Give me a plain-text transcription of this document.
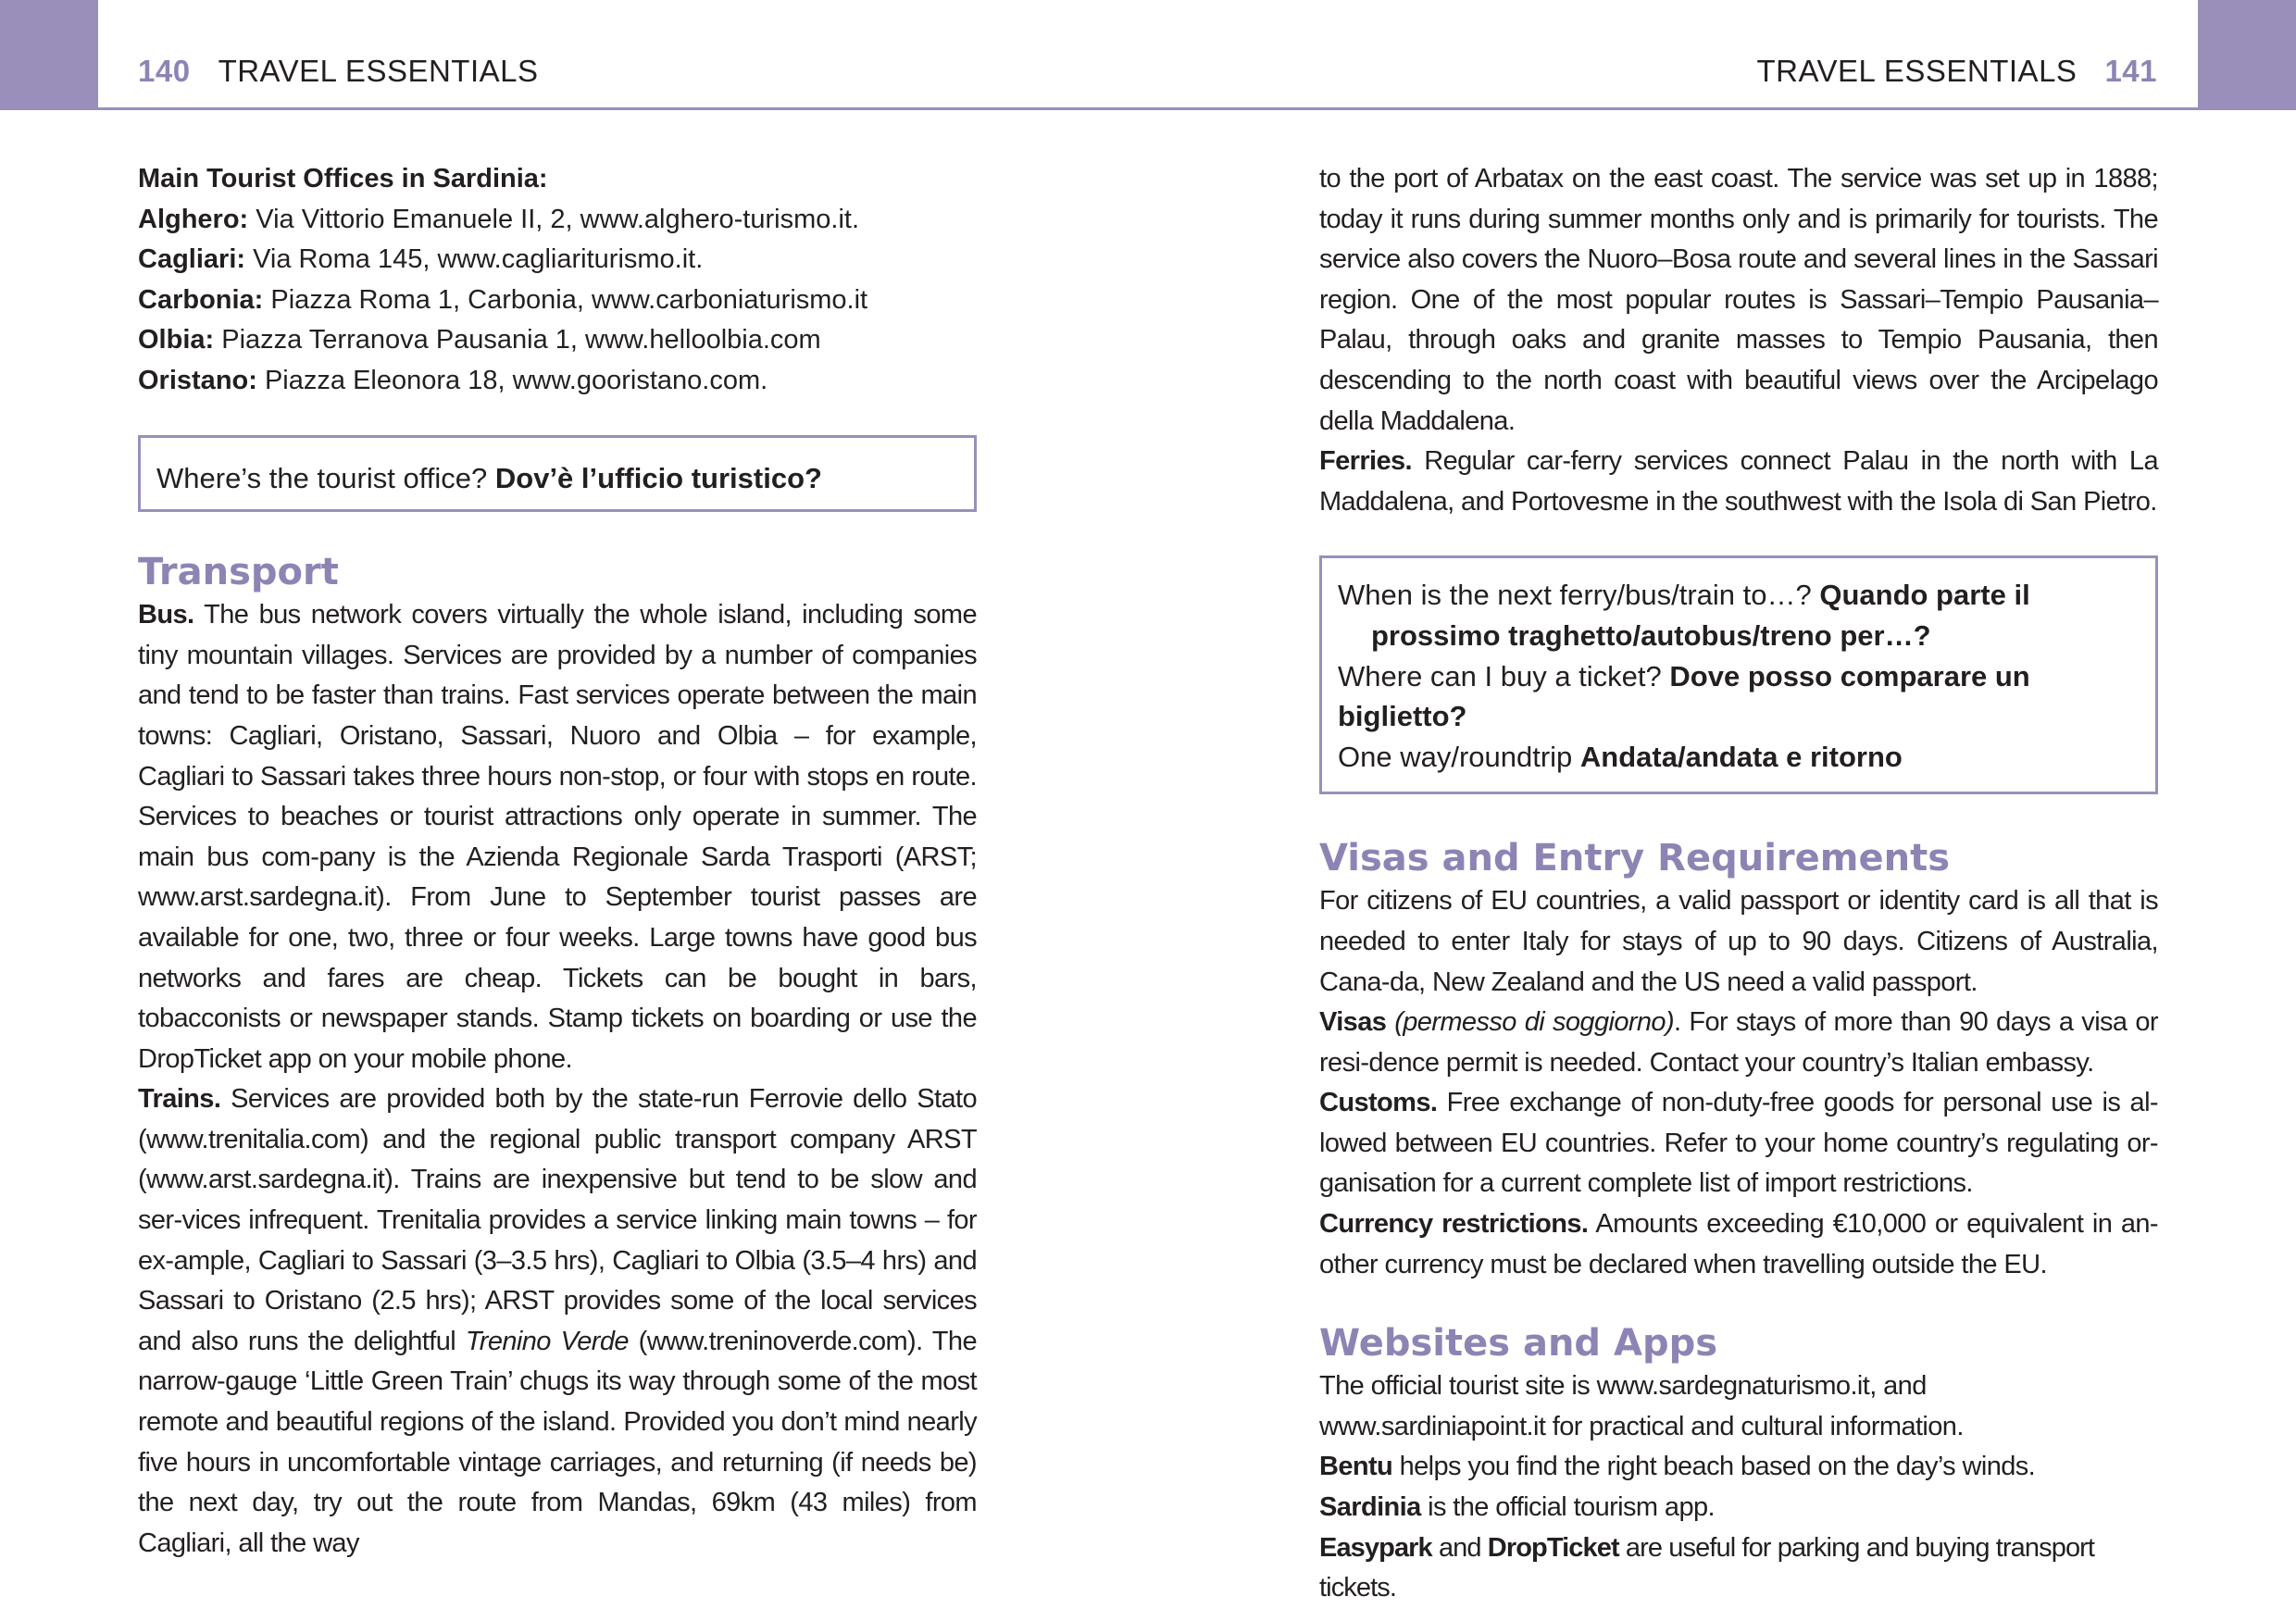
140 TRAVEL ESSENTIALS	TRAVEL ESSENTIALS 141

Main Tourist Offices in Sardinia:

Alghero: Via Vittorio Emanuele II, 2, www.alghero-turismo.it.

Cagliari: Via Roma 145, www.cagliariturismo.it.

Carbonia: Piazza Roma 1, Carbonia, www.carboniaturismo.it

Olbia: Piazza Terranova Pausania 1, www.helloolbia.com

Oristano: Piazza Eleonora 18, www.gooristano.com.

Where’s the tourist office? Dov’è l’ufficio turistico?

Transport

Bus. The bus network covers virtually the whole island, including some tiny mountain villages. Services are provided by a number of companies and tend to be faster than trains. Fast services operate between the main towns: Cagliari, Oristano, Sassari, Nuoro and Olbia – for example, Cagliari to Sassari takes three hours non-stop, or four with stops en route. Services to beaches or tourist attractions only operate in summer. The main bus com-pany is the Azienda Regionale Sarda Trasporti (ARST; www.arst.sardegna.it). From June to September tourist passes are available for one, two, three or four weeks. Large towns have good bus networks and fares are cheap. Tickets can be bought in bars, tobacconists or newspaper stands. Stamp tickets on boarding or use the DropTicket app on your mobile phone.

Trains. Services are provided both by the state-run Ferrovie dello Stato (www.trenitalia.com) and the regional public transport company ARST (www.arst.sardegna.it). Trains are inexpensive but tend to be slow and ser-vices infrequent. Trenitalia provides a service linking main towns – for ex-ample, Cagliari to Sassari (3–3.5 hrs), Cagliari to Olbia (3.5–4 hrs) and Sassari to Oristano (2.5 hrs); ARST provides some of the local services and also runs the delightful Trenino Verde (www.treninoverde.com). The narrow-gauge ‘Little Green Train’ chugs its way through some of the most remote and beautiful regions of the island. Provided you don’t mind nearly five hours in uncomfortable vintage carriages, and returning (if needs be) the next day, try out the route from Mandas, 69km (43 miles) from Cagliari, all the way

to the port of Arbatax on the east coast. The service was set up in 1888; today it runs during summer months only and is primarily for tourists. The service also covers the Nuoro–Bosa route and several lines in the Sassari region. One of the most popular routes is Sassari–Tempio Pausania–Palau, through oaks and granite masses to Tempio Pausania, then descending to the north coast with beautiful views over the Arcipelago della Maddalena.

Ferries. Regular car-ferry services connect Palau in the north with La Maddalena, and Portovesme in the southwest with the Isola di San Pietro.

When is the next ferry/bus/train to…? Quando parte il

prossimo traghetto/autobus/treno per…?

Where can I buy a ticket? Dove posso comparare un biglietto?

One way/roundtrip Andata/andata e ritorno

Visas and Entry Requirements

For citizens of EU countries, a valid passport or identity card is all that is needed to enter Italy for stays of up to 90 days. Citizens of Australia, Cana-da, New Zealand and the US need a valid passport.

Visas (permesso di soggiorno). For stays of more than 90 days a visa or resi-dence permit is needed. Contact your country’s Italian embassy.

Customs. Free exchange of non-duty-free goods for personal use is al-lowed between EU countries. Refer to your home country’s regulating or-ganisation for a current complete list of import restrictions.

Currency restrictions. Amounts exceeding €10,000 or equivalent in an-other currency must be declared when travelling outside the EU.

Websites and Apps

The official tourist site is www.sardegnaturismo.it, and www.sardiniapoint.it for practical and cultural information.

Bentu helps you find the right beach based on the day’s winds.

Sardinia is the official tourism app.

Easypark and DropTicket are useful for parking and buying transport tickets.
